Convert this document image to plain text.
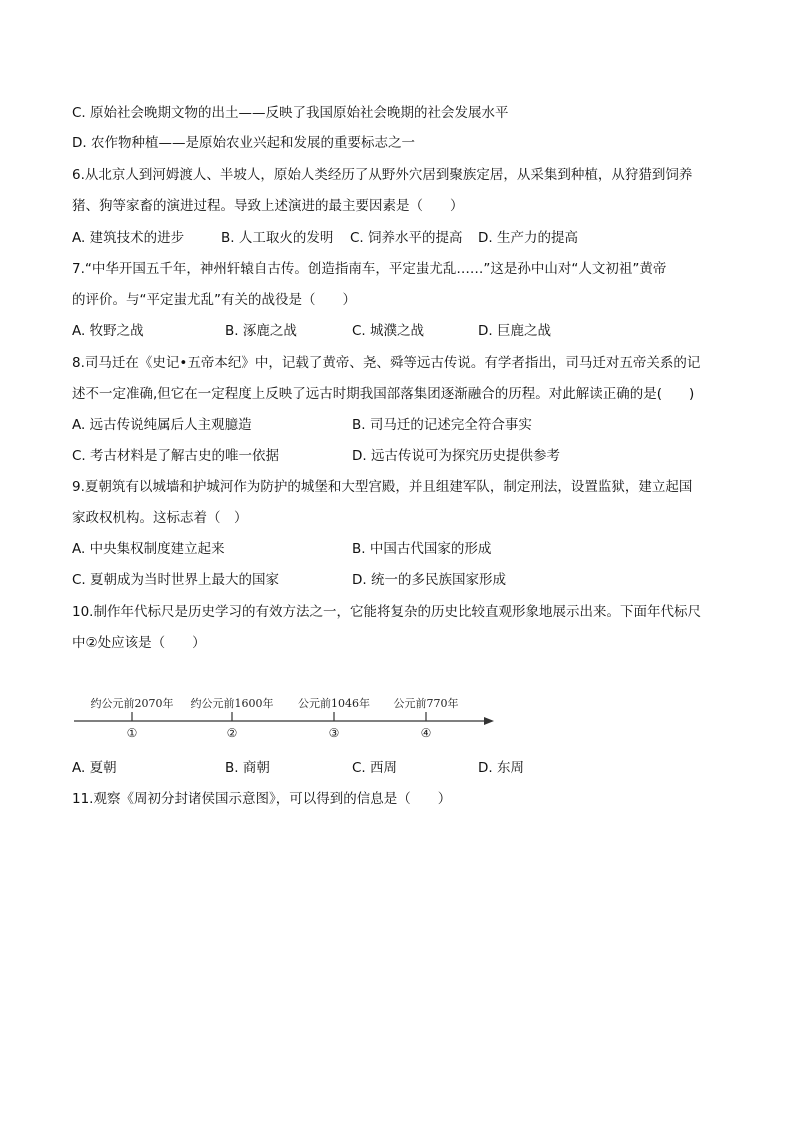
C. 原始社会晚期文物的出土——反映了我国原始社会晚期的社会发展水平
D. 农作物种植——是原始农业兴起和发展的重要标志之一
6.从北京人到河姆渡人、半坡人，原始人类经历了从野外穴居到聚族定居，从采集到种植，从狩猎到饲养
猪、狗等家畜的演进过程。导致上述演进的最主要因素是（　　）
A. 建筑技术的进步	B. 人工取火的发明 C. 饲养水平的提高 D. 生产力的提高
7.“中华开国五千年，神州轩辕自古传。创造指南车，平定蚩尤乱……”这是孙中山对“人文初祖”黄帝
的评价。与“平定蚩尤乱”有关的战役是（　　）
A. 牧野之战	B. 涿鹿之战	C. 城濮之战	D. 巨鹿之战
8.司马迁在《史记•五帝本纪》中，记载了黄帝、尧、舜等远古传说。有学者指出，司马迁对五帝关系的记
述不一定准确,但它在一定程度上反映了远古时期我国部落集团逐渐融合的历程。对此解读正确的是(　　)
A. 远古传说纯属后人主观臆造	B. 司马迁的记述完全符合事实
C. 考古材料是了解古史的唯一依据	D. 远古传说可为探究历史提供参考
9.夏朝筑有以城墙和护城河作为防护的城堡和大型宫殿，并且组建军队，制定刑法，设置监狱，建立起国
家政权机构。这标志着（　）
A. 中央集权制度建立起来	B. 中国古代国家的形成
C. 夏朝成为当时世界上最大的国家	D. 统一的多民族国家形成
10.制作年代标尺是历史学习的有效方法之一，它能将复杂的历史比较直观形象地展示出来。下面年代标尺
中②处应该是（　　）
约公元前2070年 约公元前1600年 公元前1046年 公元前770年
①	②	③	④
A. 夏朝	B. 商朝	C. 西周	D. 东周
11.观察《周初分封诸侯国示意图》，可以得到的信息是（　　）
